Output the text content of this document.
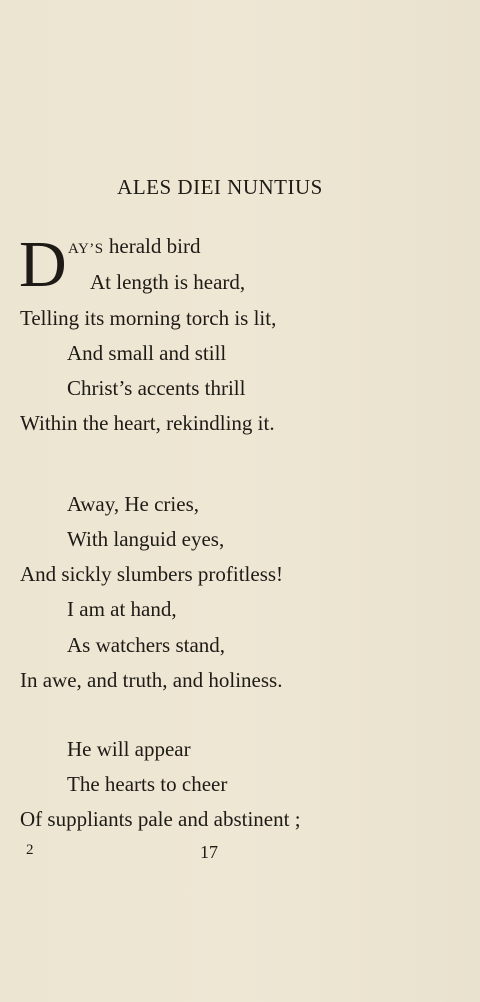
ALES DIEI NUNTIUS
D AY’S herald bird
At length is heard,
Telling its morning torch is lit,
And small and still
Christ’s accents thrill
Within the heart, rekindling it.
Away, He cries,
With languid eyes,
And sickly slumbers profitless!
I am at hand,
As watchers stand,
In awe, and truth, and holiness.
He will appear
The hearts to cheer
Of suppliants pale and abstinent ;
2	17
